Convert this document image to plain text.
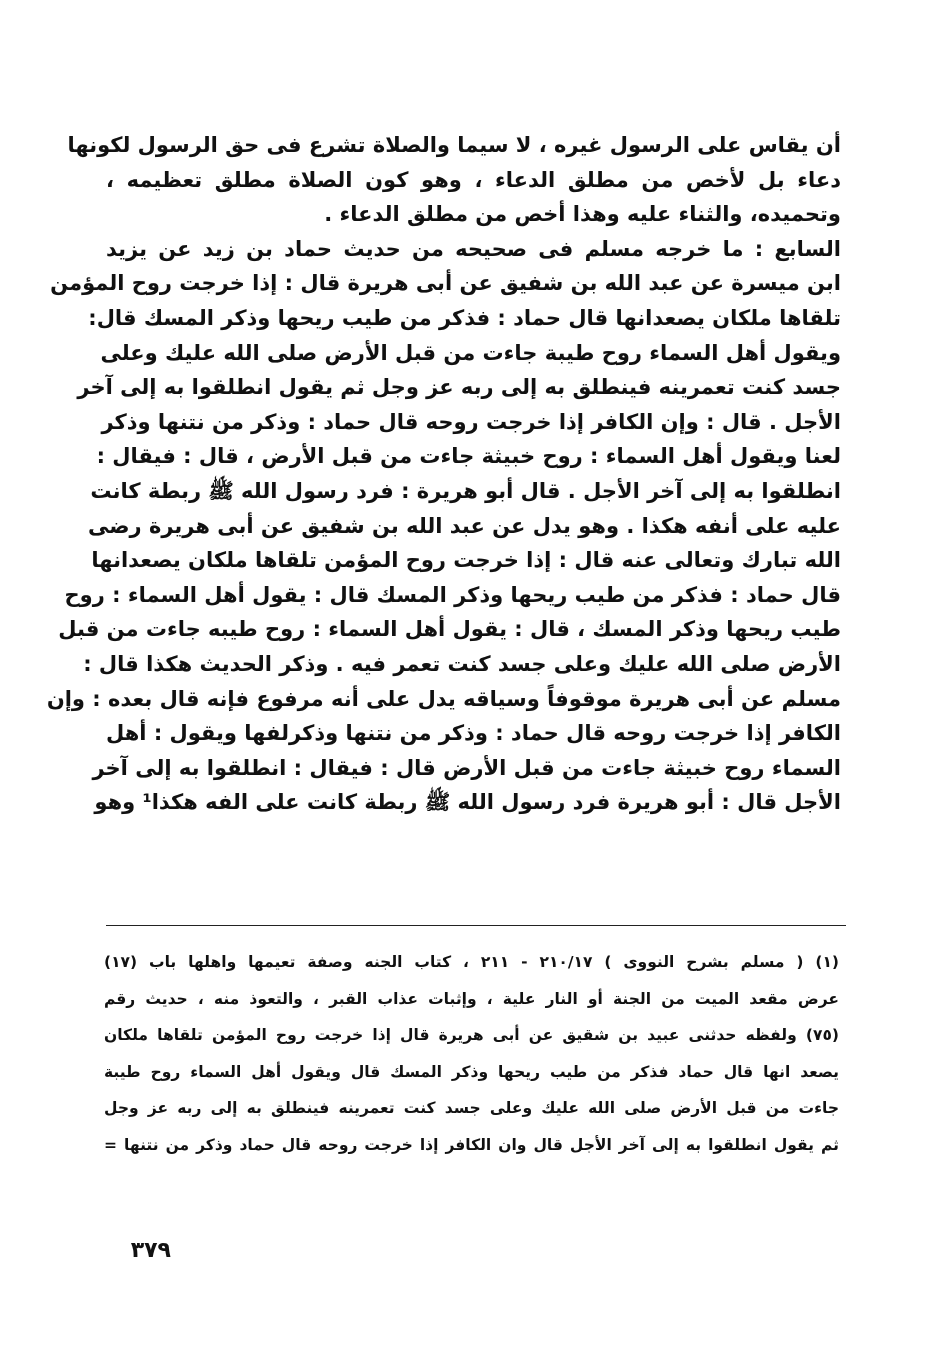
أن يقاس على الرسول غيره ، لا سيما والصلاة تشرع فى حق الرسول لكونها
دعاء بل لأخص من مطلق الدعاء ، وهو كون الصلاة مطلق تعظيمه ،
وتحميده، والثناء عليه وهذا أخص من مطلق الدعاء .
السابع : ما خرجه مسلم فى صحيحه من حديث حماد بن زيد عن يزيد
ابن ميسرة عن عبد الله بن شفيق عن أبى هريرة قال : إذا خرجت روح المؤمن
تلقاها ملكان يصعدانها قال حماد : فذكر من طيب ريحها وذكر المسك قال:
ويقول أهل السماء روح طيبة جاءت من قبل الأرض صلى الله عليك وعلى
جسد كنت تعمرينه فينطلق به إلى ربه عز وجل ثم يقول انطلقوا به إلى آخر
الأجل . قال : وإن الكافر إذا خرجت روحه قال حماد : وذكر من نتنها وذكر
لعنا ويقول أهل السماء : روح خبيثة جاءت من قبل الأرض ، قال : فيقال :
انطلقوا به إلى آخر الأجل . قال أبو هريرة : فرد رسول الله ﷺ ربطة كانت
عليه على أنفه هكذا . وهو يدل عن عبد الله بن شفيق عن أبى هريرة رضى
الله تبارك وتعالى عنه قال : إذا خرجت روح المؤمن تلقاها ملكان يصعدانها
قال حماد : فذكر من طيب ريحها وذكر المسك قال : يقول أهل السماء : روح
طيب ريحها وذكر المسك ، قال : يقول أهل السماء : روح طيبه جاءت من قبل
الأرض صلى الله عليك وعلى جسد كنت تعمر فيه . وذكر الحديث هكذا قال :
مسلم عن أبى هريرة موقوفاً وسياقه يدل على أنه مرفوع فإنه قال بعده : وإن
الكافر إذا خرجت روحه قال حماد : وذكر من نتنها وذكرلفها ويقول : أهل
السماء روح خبيثة جاءت من قبل الأرض قال : فيقال : انطلقوا به إلى آخر
الأجل قال : أبو هريرة فرد رسول الله ﷺ ربطة كانت على الفه هكذا¹ وهو
(١) ( مسلم بشرح النووى ) ٢١٠/١٧ - ٢١١ ، كتاب الجنه وصفة تعيمها واهلها باب (١٧)
عرض مقعد الميت من الجنة أو النار علية ، وإثبات عذاب القبر ، والتعوذ منه ، حديث رقم
(٧٥) ولفظه حدثنى عبيد بن شقيق عن أبى هريرة قال إذا خرجت روح المؤمن تلقاها ملكان
يصعد انها قال حماد فذكر من طيب ريحها وذكر المسك قال ويقول أهل السماء روح طيبة
جاءت من قبل الأرض صلى الله عليك وعلى جسد كنت تعمرينه فينطلق به إلى ربه عز وجل
ثم يقول انطلقوا به إلى آخر الأجل قال وان الكافر إذا خرجت روحه قال حماد وذكر من نتنها =
٣٧٩
